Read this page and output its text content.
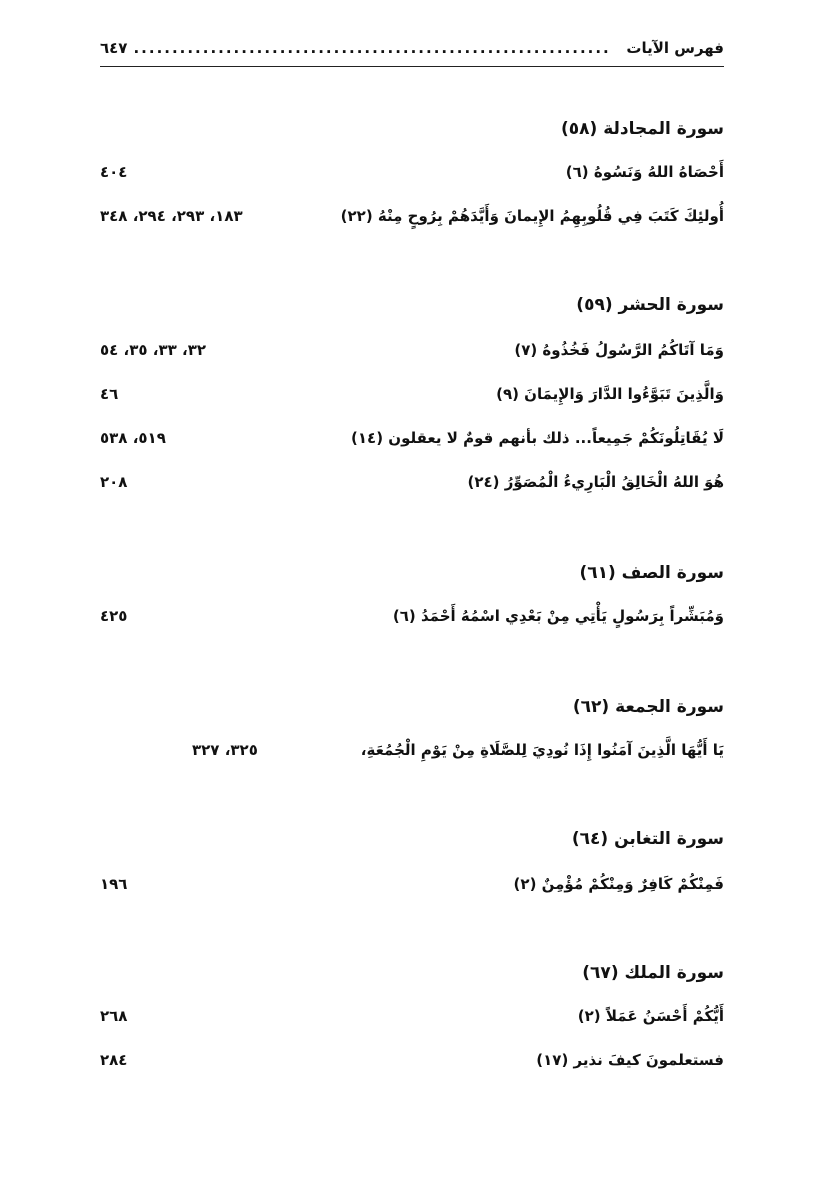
فهرس الآيات
..............................................................
٦٤٧
سورة المجادلة (٥٨)
أَحْصَاهُ اللهُ وَنَسُوهُ (٦)
٤٠٤
أُولئِكَ كَتَبَ فِي قُلُوبِهِمُ الإِيمانَ وَأَيَّدَهُمْ بِرُوحٍ مِنْهُ (٢٢)
١٨٣، ٢٩٣، ٢٩٤، ٣٤٨
سورة الحشر (٥٩)
وَمَا آتَاكُمُ الرَّسُولُ فَخُذُوهُ (٧)
٣٢، ٣٣، ٣٥، ٥٤
وَالَّذِينَ تَبَوَّءُوا الدَّارَ وَالإِيمَانَ (٩)
٤٦
لَا يُقَاتِلُونَكُمْ جَمِيعاً... ذلك بأنهم قومٌ لا يعقلون (١٤)
٥١٩، ٥٣٨
هُوَ اللهُ الْخَالِقُ الْبَارِيءُ الْمُصَوِّرُ (٢٤)
٢٠٨
سورة الصف (٦١)
وَمُبَشِّراً بِرَسُولٍ يَأْتِي مِنْ بَعْدِي اسْمُهُ أَحْمَدُ (٦)
٤٢٥
سورة الجمعة (٦٢)
يَا أَيُّهَا الَّذِينَ آمَنُوا إِذَا نُودِيَ لِلصَّلَاةِ مِنْ يَوْمِ الْجُمُعَةِ،
٣٢٥، ٣٢٧
سورة التغابن (٦٤)
فَمِنْكُمْ كَافِرٌ وَمِنْكُمْ مُؤْمِنٌ (٢)
١٩٦
سورة الملك (٦٧)
أَيُّكُمْ أَحْسَنُ عَمَلاً (٢)
٢٦٨
فستعلمونَ كيفَ نذير (١٧)
٢٨٤
